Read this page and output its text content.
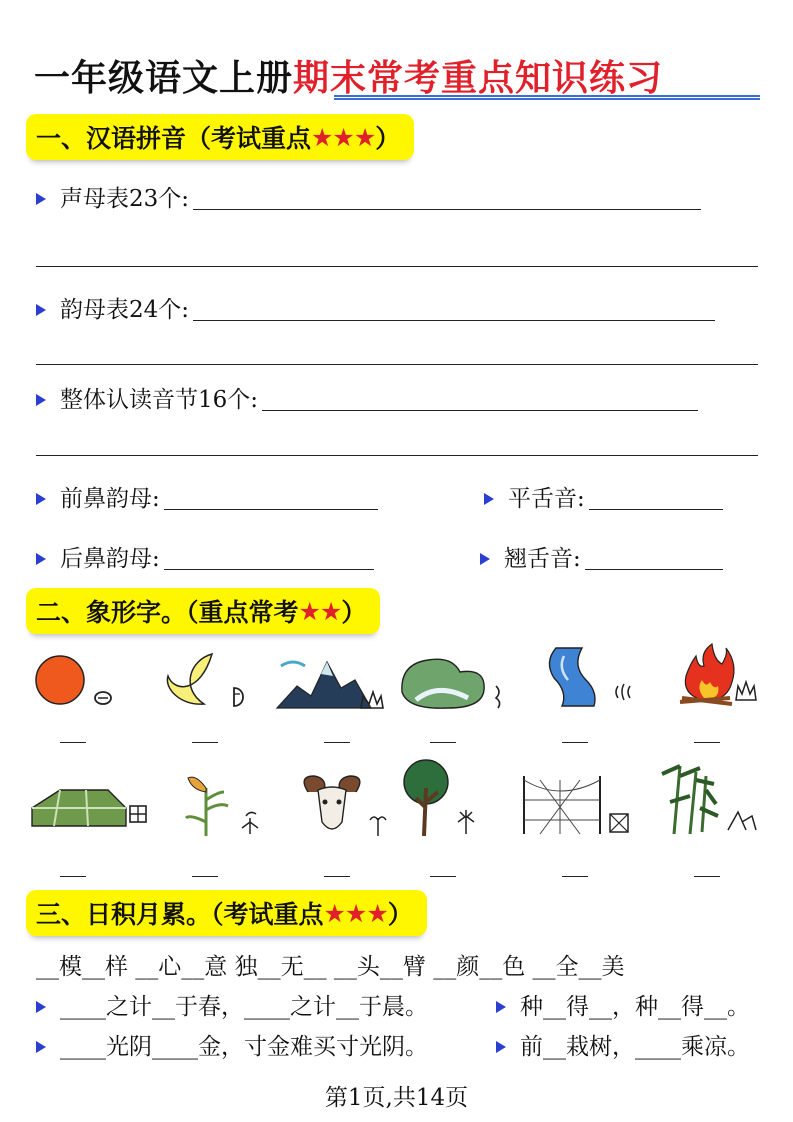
一年级语文上册期末常考重点知识练习
一、汉语拼音（考试重点 ★★★ ）
声母表23个:
韵母表24个:
整体认读音节16个:
前鼻韵母:	平舌音:
后鼻韵母:	翘舌音:
二、象形字。（重点常考 ★★ ）
三、日积月累。（考试重点 ★★★ ）
__模__样 __心__意 独__无__ __头__臂 __颜__色 __全__美
____之计__于春，____之计__于晨。	种__得__，种__得__。
____光阴____金，寸金难买寸光阴。	前__栽树，____乘凉。
第1页,共14页
